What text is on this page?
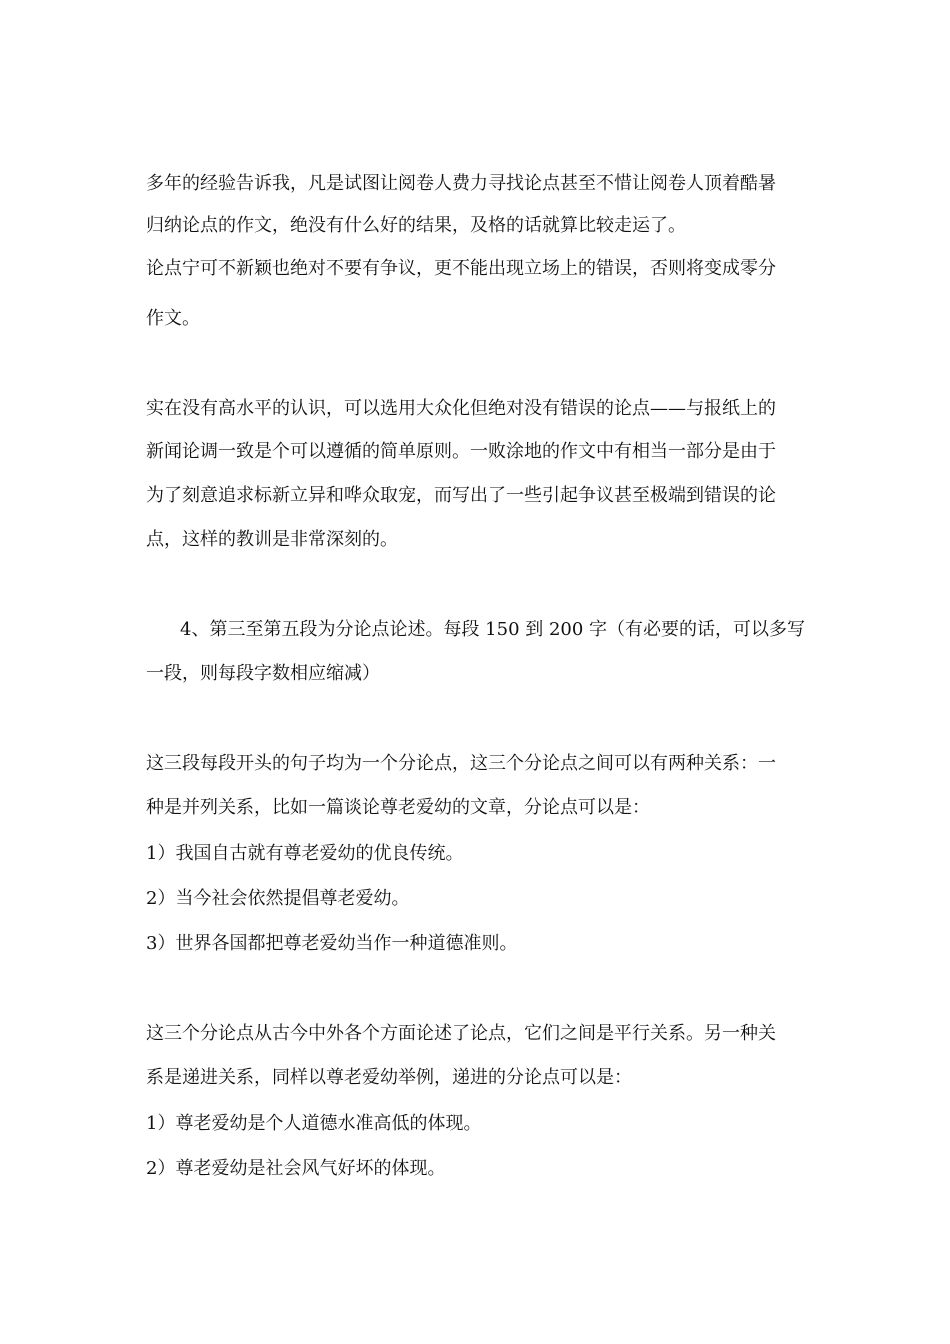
多年的经验告诉我，凡是试图让阅卷人费力寻找论点甚至不惜让阅卷人顶着酷暑
归纳论点的作文，绝没有什么好的结果，及格的话就算比较走运了。
论点宁可不新颖也绝对不要有争议，更不能出现立场上的错误，否则将变成零分
作文。
实在没有高水平的认识，可以选用大众化但绝对没有错误的论点——与报纸上的
新闻论调一致是个可以遵循的简单原则。一败涂地的作文中有相当一部分是由于
为了刻意追求标新立异和哗众取宠，而写出了一些引起争议甚至极端到错误的论
点，这样的教训是非常深刻的。
4、第三至第五段为分论点论述。每段 150 到 200 字（有必要的话，可以多写
一段，则每段字数相应缩减）
这三段每段开头的句子均为一个分论点，这三个分论点之间可以有两种关系：一
种是并列关系，比如一篇谈论尊老爱幼的文章，分论点可以是：
1）我国自古就有尊老爱幼的优良传统。
2）当今社会依然提倡尊老爱幼。
3）世界各国都把尊老爱幼当作一种道德准则。
这三个分论点从古今中外各个方面论述了论点，它们之间是平行关系。另一种关
系是递进关系，同样以尊老爱幼举例，递进的分论点可以是：
1）尊老爱幼是个人道德水准高低的体现。
2）尊老爱幼是社会风气好坏的体现。
